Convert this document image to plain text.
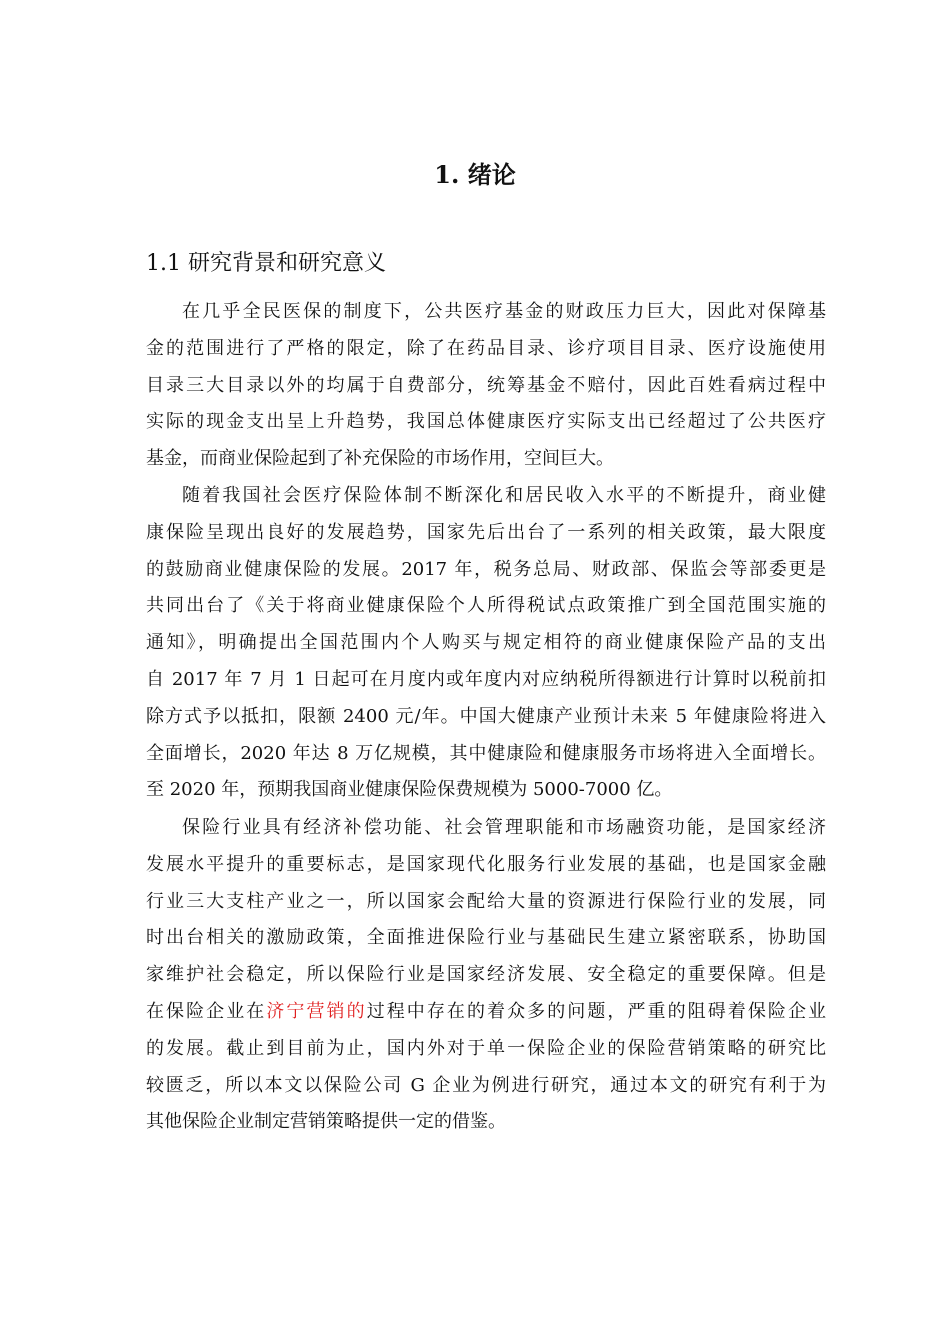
1. 绪论
1.1 研究背景和研究意义
在几乎全民医保的制度下，公共医疗基金的财政压力巨大，因此对保障基
金的范围进行了严格的限定，除了在药品目录、诊疗项目目录、医疗设施使用
目录三大目录以外的均属于自费部分，统筹基金不赔付，因此百姓看病过程中
实际的现金支出呈上升趋势，我国总体健康医疗实际支出已经超过了公共医疗
基金，而商业保险起到了补充保险的市场作用，空间巨大。
随着我国社会医疗保险体制不断深化和居民收入水平的不断提升，商业健
康保险呈现出良好的发展趋势，国家先后出台了一系列的相关政策，最大限度
的鼓励商业健康保险的发展。2017 年，税务总局、财政部、保监会等部委更是
共同出台了《关于将商业健康保险个人所得税试点政策推广到全国范围实施的
通知》，明确提出全国范围内个人购买与规定相符的商业健康保险产品的支出
自 2017 年 7 月 1 日起可在月度内或年度内对应纳税所得额进行计算时以税前扣
除方式予以抵扣，限额 2400 元/年。中国大健康产业预计未来 5 年健康险将进入
全面增长，2020 年达 8 万亿规模，其中健康险和健康服务市场将进入全面增长。
至 2020 年，预期我国商业健康保险保费规模为 5000-7000 亿。
保险行业具有经济补偿功能、社会管理职能和市场融资功能，是国家经济
发展水平提升的重要标志，是国家现代化服务行业发展的基础，也是国家金融
行业三大支柱产业之一，所以国家会配给大量的资源进行保险行业的发展，同
时出台相关的激励政策，全面推进保险行业与基础民生建立紧密联系，协助国
家维护社会稳定，所以保险行业是国家经济发展、安全稳定的重要保障。但是
在保险企业在济宁营销的过程中存在的着众多的问题，严重的阻碍着保险企业
的发展。截止到目前为止，国内外对于单一保险企业的保险营销策略的研究比
较匮乏，所以本文以保险公司 G 企业为例进行研究，通过本文的研究有利于为
其他保险企业制定营销策略提供一定的借鉴。
